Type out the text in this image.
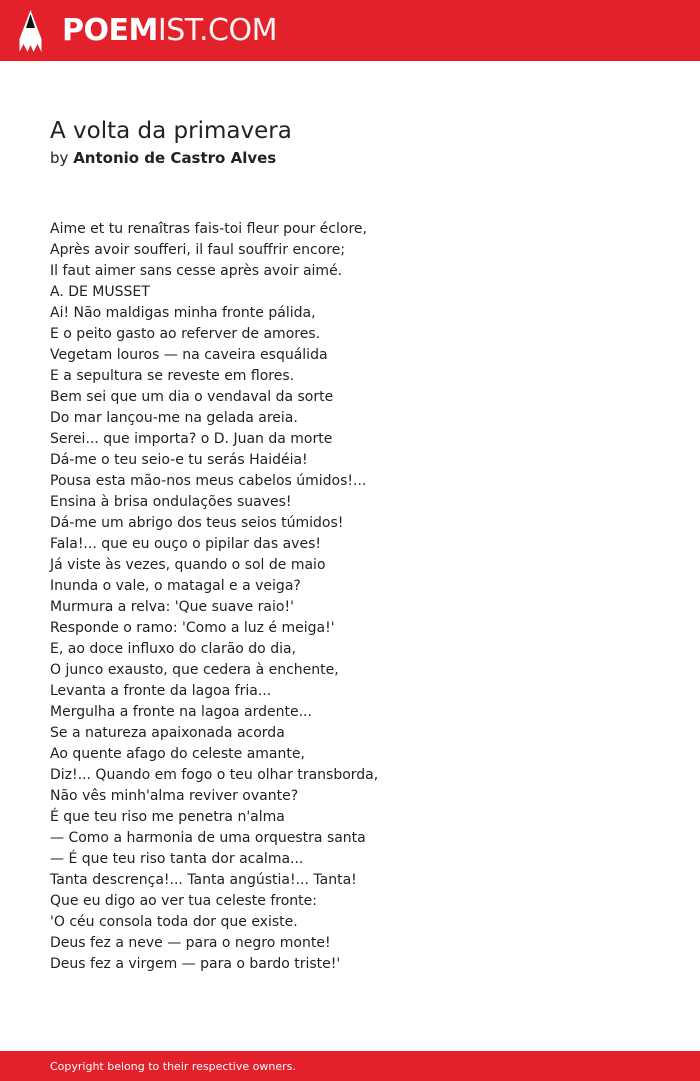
POEMIST.COM
A volta da primavera
by Antonio de Castro Alves
Aime et tu renaîtras fais-toi fleur pour éclore,
Après avoir soufferi, il faul souffrir encore;
Il faut aimer sans cesse après avoir aimé.
A. DE MUSSET
Ai! Não maldigas minha fronte pálida,
E o peito gasto ao referver de amores.
Vegetam louros — na caveira esquálida
E a sepultura se reveste em flores.
Bem sei que um dia o vendaval da sorte
Do mar lançou-me na gelada areia.
Serei... que importa? o D. Juan da morte
Dá-me o teu seio-e tu serás Haidéia!
Pousa esta mão-nos meus cabelos úmidos!...
Ensina à brisa ondulações suaves!
Dá-me um abrigo dos teus seios túmidos!
Fala!... que eu ouço o pipilar das aves!
Já viste às vezes, quando o sol de maio
Inunda o vale, o matagal e a veiga?
Murmura a relva: 'Que suave raio!'
Responde o ramo: 'Como a luz é meiga!'
E, ao doce influxo do clarão do dia,
O junco exausto, que cedera à enchente,
Levanta a fronte da lagoa fria...
Mergulha a fronte na lagoa ardente...
Se a natureza apaixonada acorda
Ao quente afago do celeste amante,
Diz!... Quando em fogo o teu olhar transborda,
Não vês minh'alma reviver ovante?
É que teu riso me penetra n'alma
— Como a harmonia de uma orquestra santa
— É que teu riso tanta dor acalma...
Tanta descrença!... Tanta angústia!... Tanta!
Que eu digo ao ver tua celeste fronte:
'O céu consola toda dor que existe.
Deus fez a neve — para o negro monte!
Deus fez a virgem — para o bardo triste!'
Copyright belong to their respective owners.
